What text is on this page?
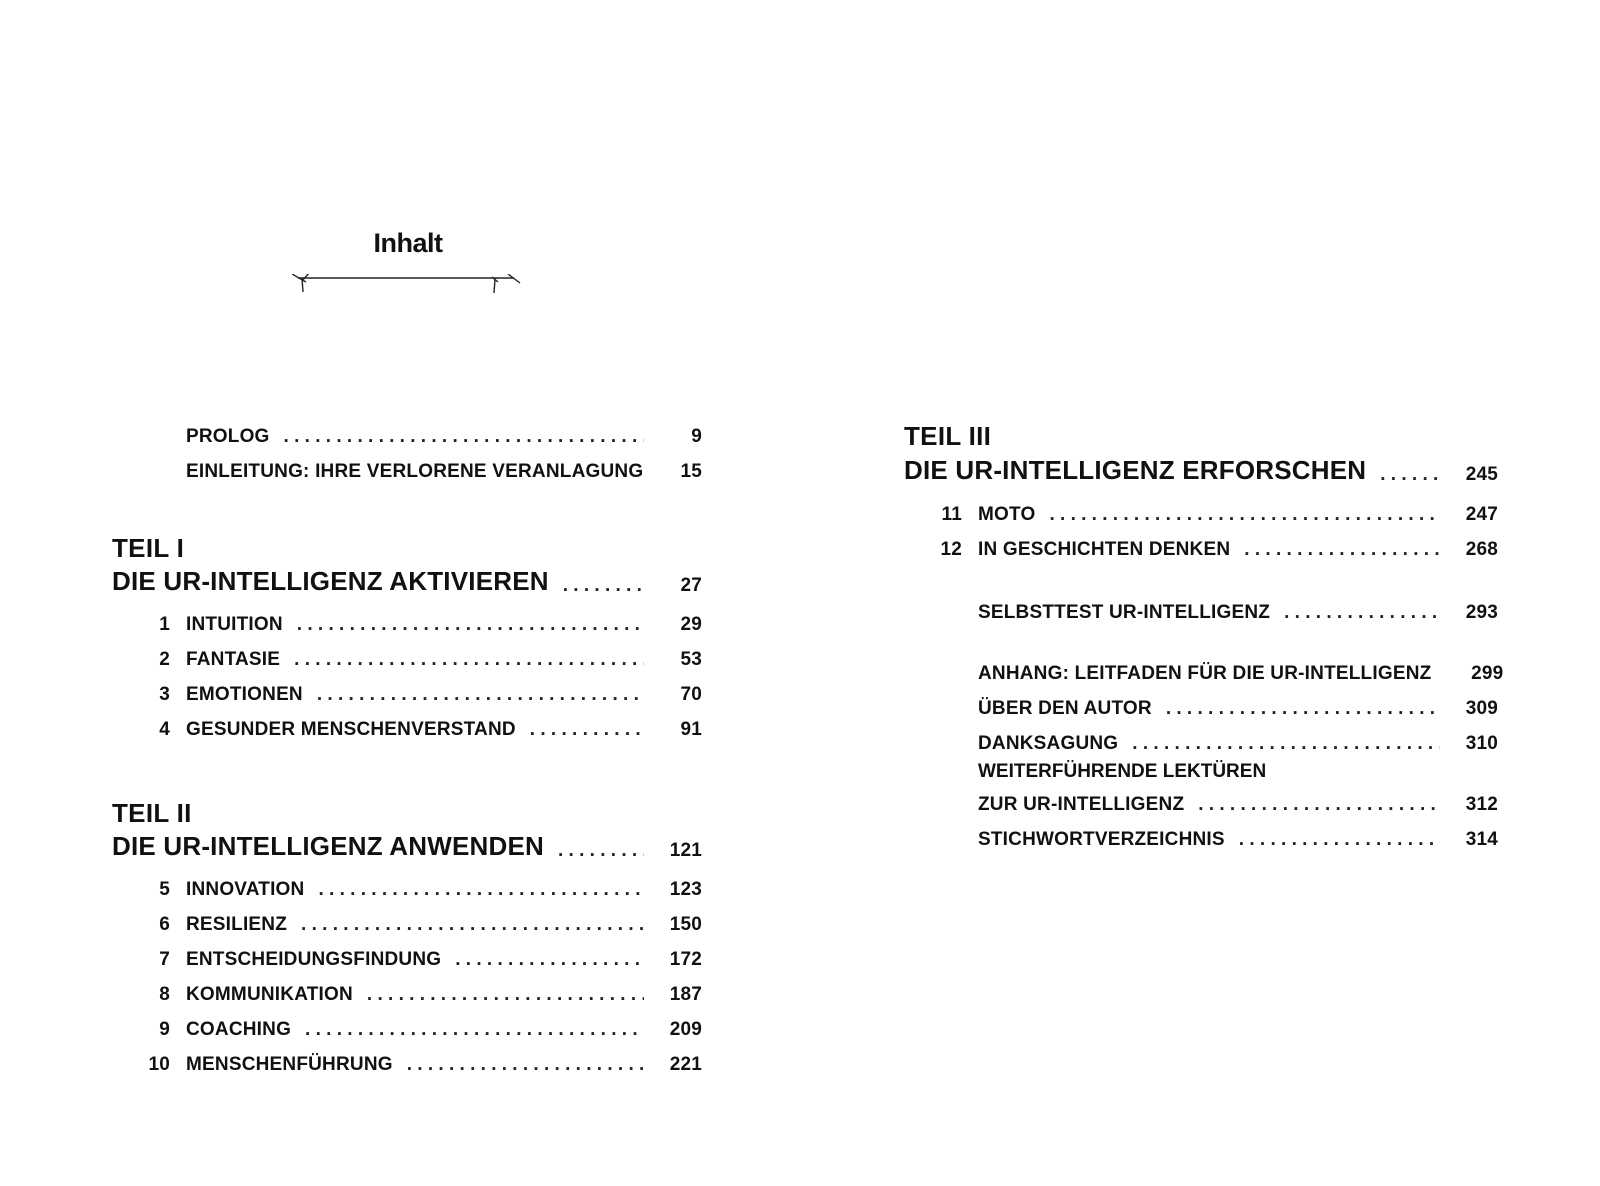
Inhalt
PROLOG . . .	9
EINLEITUNG: IHRE VERLORENE VERANLAGUNG	15
TEIL I
DIE UR-INTELLIGENZ AKTIVIEREN . . .	27
1 INTUITION . . .	29
2 FANTASIE . . .	53
3 EMOTIONEN . . .	70
4 GESUNDER MENSCHENVERSTAND . . .	91
TEIL II
DIE UR-INTELLIGENZ ANWENDEN . . .	121
5 INNOVATION . . .	123
6 RESILIENZ . . .	150
7 ENTSCHEIDUNGSFINDUNG . . .	172
8 KOMMUNIKATION . . .	187
9 COACHING . . .	209
10 MENSCHENFÜHRUNG . . .	221
TEIL III
DIE UR-INTELLIGENZ ERFORSCHEN . . .	245
11 MOTO . . .	247
12 IN GESCHICHTEN DENKEN . . .	268
SELBSTTEST UR-INTELLIGENZ . . .	293
ANHANG: LEITFADEN FÜR DIE UR-INTELLIGENZ	299
ÜBER DEN AUTOR . . .	309
DANKSAGUNG . . .	310
WEITERFÜHRENDE LEKTÜREN
ZUR UR-INTELLIGENZ . . .	312
STICHWORTVERZEICHNIS . . .	314
